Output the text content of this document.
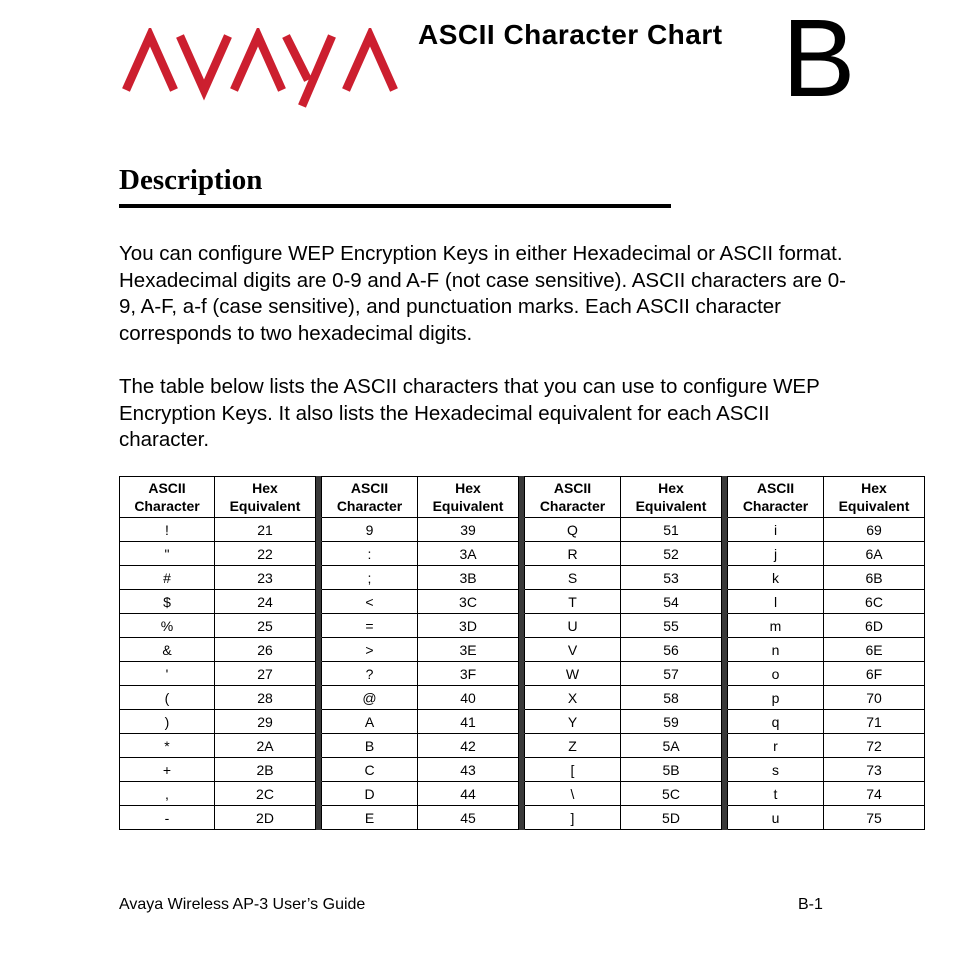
ASCII Character Chart B
Description

You can configure WEP Encryption Keys in either Hexadecimal or ASCII format. Hexadecimal digits are 0-9 and A-F (not case sensitive). ASCII characters are 0-9, A-F, a-f (case sensitive), and punctuation marks. Each ASCII character corresponds to two hexadecimal digits.

The table below lists the ASCII characters that you can use to configure WEP Encryption Keys. It also lists the Hexadecimal equivalent for each ASCII character.

ASCII Character	Hex Equivalent		ASCII Character	Hex Equivalent		ASCII Character	Hex Equivalent		ASCII Character	Hex Equivalent
!	21		9	39		Q	51		i	69
"	22		:	3A		R	52		j	6A
#	23		;	3B		S	53		k	6B
$	24		<	3C		T	54		l	6C
%	25		=	3D		U	55		m	6D
&	26		>	3E		V	56		n	6E
'	27		?	3F		W	57		o	6F
(	28		@	40		X	58		p	70
)	29		A	41		Y	59		q	71
*	2A		B	42		Z	5A		r	72
+	2B		C	43		[	5B		s	73
,	2C		D	44		\	5C		t	74
-	2D		E	45		]	5D		u	75
Avaya Wireless AP-3 User’s Guide	B-1
